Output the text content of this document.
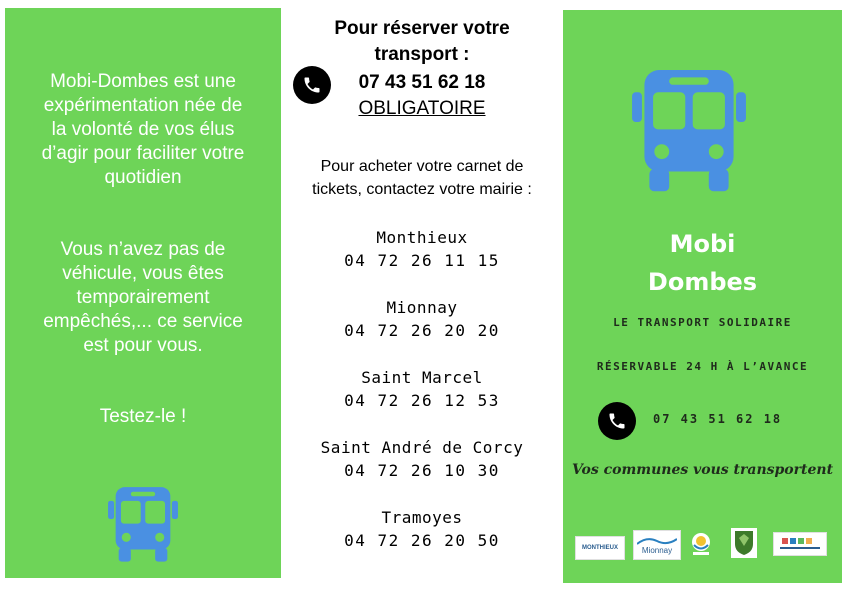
Mobi-Dombes est une

expérimentation née de

la volonté de vos élus

d’agir pour faciliter votre

quotidien

Vous n’avez pas de

véhicule, vous êtes

temporairement

empêchés,... ce service

est pour vous.

Testez-le !
Pour réserver votre
transport :
07 43 51 62 18
OBLIGATOIRE
Pour acheter votre carnet de
tickets, contactez votre mairie :
Monthieux
04 72 26 11 15
Mionnay
04 72 26 20 20
Saint Marcel
04 72 26 12 53
Saint André de Corcy
04 72 26 10 30
Tramoyes
04 72 26 20 50
Mobi
Dombes
LE TRANSPORT SOLIDAIRE
RÉSERVABLE 24 H À L’AVANCE
07 43 51 62 18
Vos communes vous transportent
MONTHIEUX	Mionnay
